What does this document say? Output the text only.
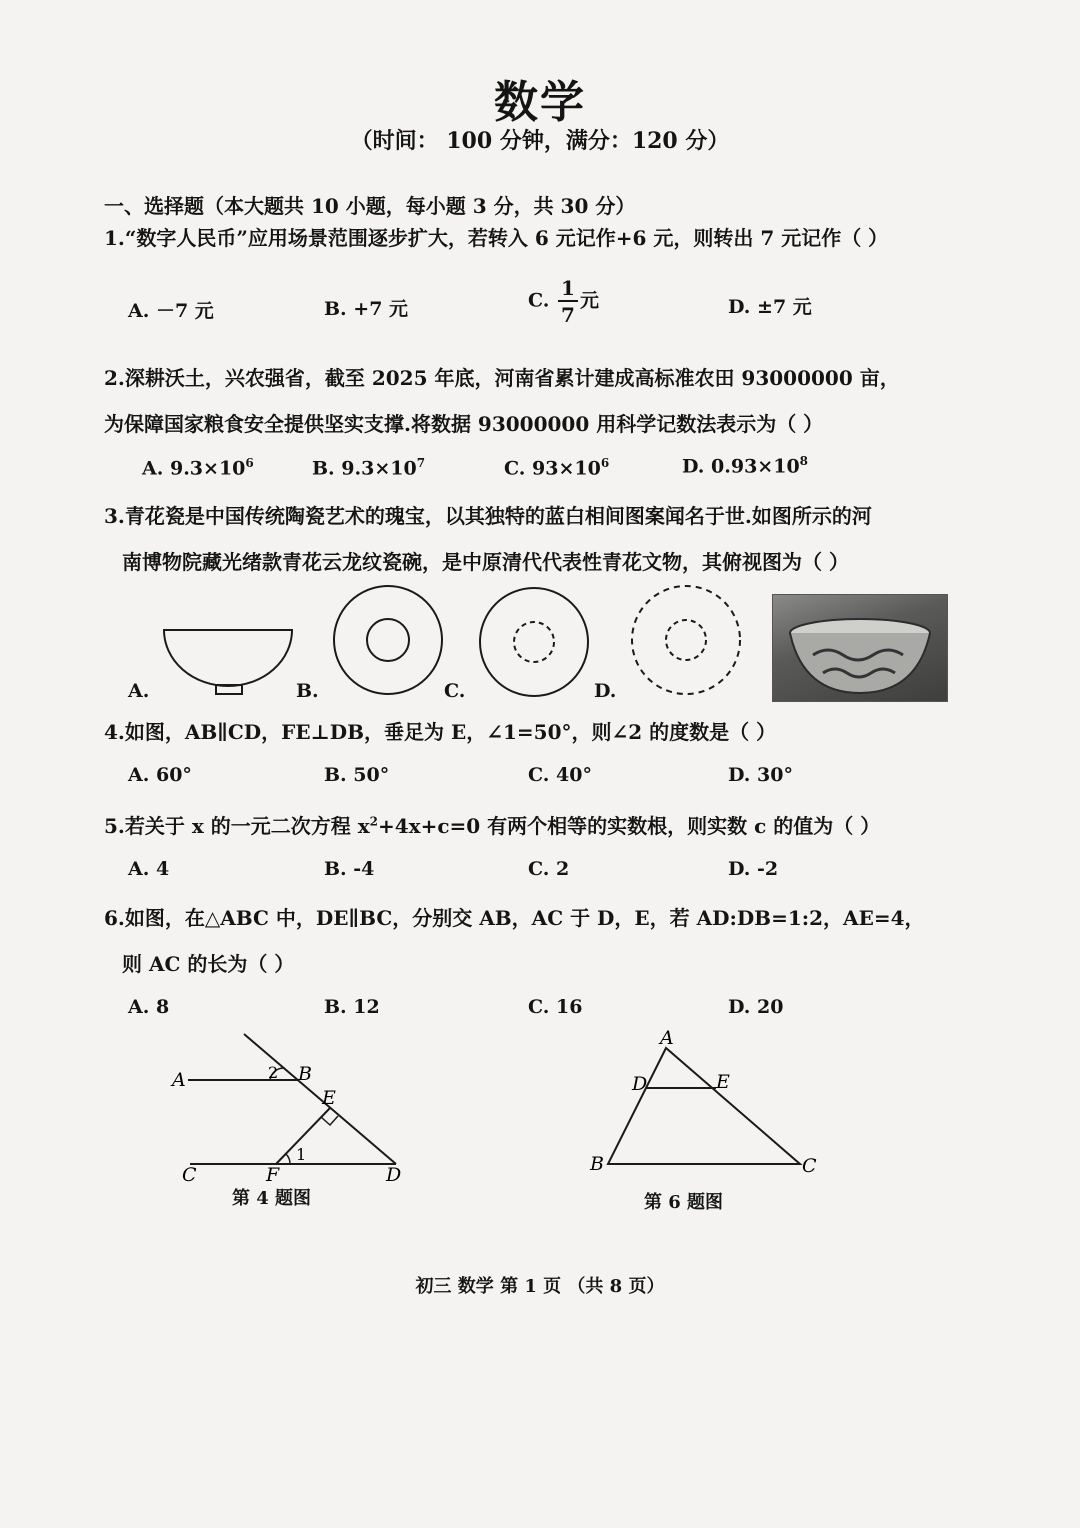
数学
（时间： 100 分钟，满分：120 分）
一、选择题（本大题共 10 小题，每小题 3 分，共 30 分）
1.“数字人民币”应用场景范围逐步扩大，若转入 6 元记作+6 元，则转出 7 元记作（ ）
A. －7 元	B. +7 元	C. $\frac{1}{7}$ 元	D. ±7 元
2.深耕沃土，兴农强省，截至 2025 年底，河南省累计建成高标准农田 93000000 亩，
为保障国家粮食安全提供坚实支撑.将数据 93000000 用科学记数法表示为（ ）
A. $9.3\times 10^6$	B. $9.3\times 10^7$	C. $93\times 10^6$	D. $0.93\times 10^8$
3.青花瓷是中国传统陶瓷艺术的瑰宝，以其独特的蓝白相间图案闻名于世.如图所示的河
南博物院藏光绪款青花云龙纹瓷碗，是中原清代代表性青花文物，其俯视图为（ ）
A.	B.	C.	D.
4.如图，AB∥CD，FE⊥DB，垂足为 E，∠1=50°，则∠2 的度数是（ ）
A. 60°	B. 50°	C. 40°	D. 30°
5.若关于 x 的一元二次方程 $x^2+4x+c=0$ 有两个相等的实数根，则实数 c 的值为（ ）
A. 4	B. -4	C. 2	D. -2
6.如图，在△ABC 中，DE∥BC，分别交 AB，AC 于 D，E，若 AD:DB=1:2，AE=4，
则 AC 的长为（ ）
A. 8	B. 12	C. 16	D. 20
A	B
C	D
E
F
1
2
第 4 题图
A
B	C
D	E
第 6 题图
初三 数学 第 1 页 （共 8 页）
